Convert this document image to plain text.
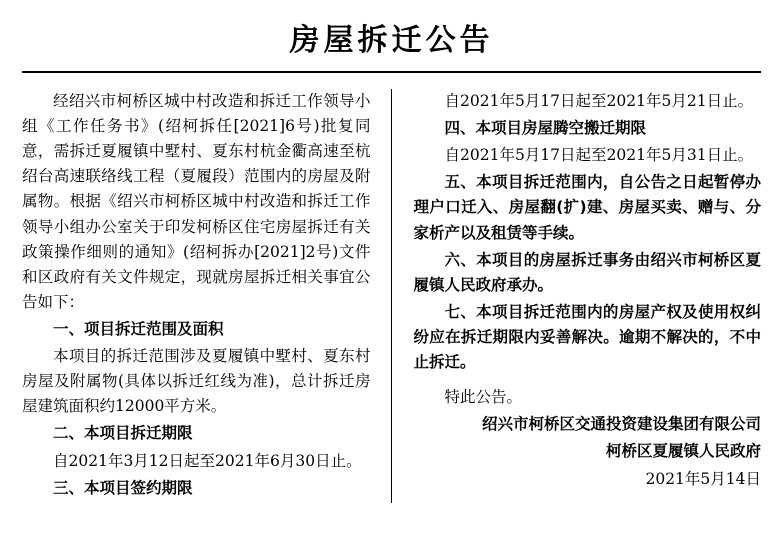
房屋拆迁公告

经绍兴市柯桥区城中村改造和拆迁工作领导小组《工作任务书》(绍柯拆任[2021]6号)批复同意，需拆迁夏履镇中墅村、夏东村杭金衢高速至杭绍台高速联络线工程（夏履段）范围内的房屋及附属物。根据《绍兴市柯桥区城中村改造和拆迁工作领导小组办公室关于印发柯桥区住宅房屋拆迁有关政策操作细则的通知》(绍柯拆办[2021]2号)文件和区政府有关文件规定，现就房屋拆迁相关事宜公告如下：

一、项目拆迁范围及面积

本项目的拆迁范围涉及夏履镇中墅村、夏东村房屋及附属物(具体以拆迁红线为准)，总计拆迁房屋建筑面积约12000平方米。

二、本项目拆迁期限

自2021年3月12日起至2021年6月30日止。

三、本项目签约期限

自2021年5月17日起至2021年5月21日止。

四、本项目房屋腾空搬迁期限

自2021年5月17日起至2021年5月31日止。

五、本项目拆迁范围内，自公告之日起暂停办理户口迁入、房屋翻(扩)建、房屋买卖、赠与、分家析产以及租赁等手续。

六、本项目的房屋拆迁事务由绍兴市柯桥区夏履镇人民政府承办。

七、本项目拆迁范围内的房屋产权及使用权纠纷应在拆迁期限内妥善解决。逾期不解决的，不中止拆迁。

特此公告。

绍兴市柯桥区交通投资建设集团有限公司

柯桥区夏履镇人民政府

2021年5月14日
